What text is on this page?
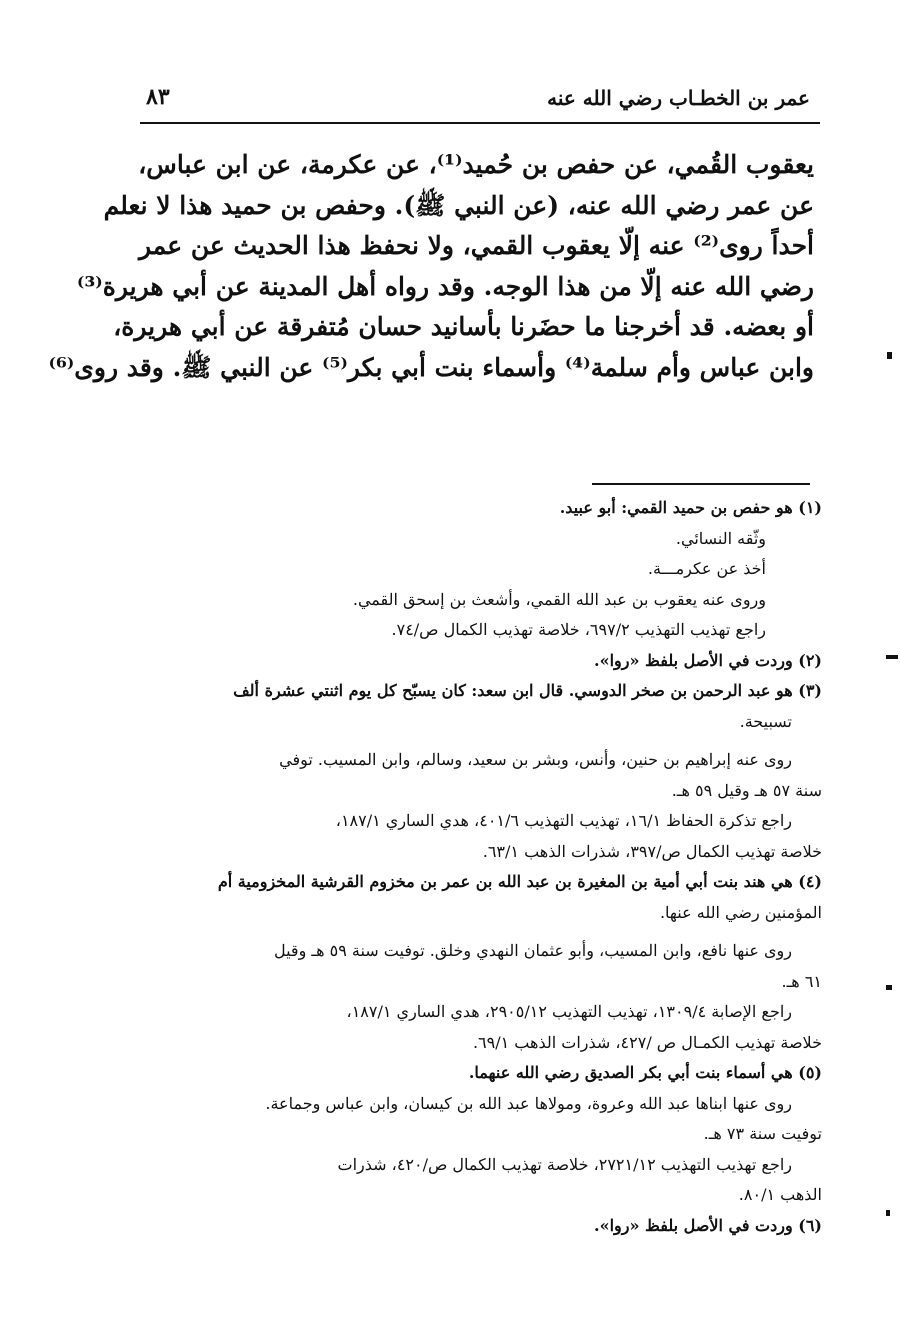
عمر بن الخطـاب رضي الله عنه
٨٣
يعقوب القُمي، عن حفص بن حُميد⁽¹⁾، عن عكرمة، عن ابن عباس،
عن عمر رضي الله عنه، (عن النبي ﷺ). وحفص بن حميد هذا لا نعلم
أحداً روى⁽²⁾ عنه إلّا يعقوب القمي، ولا نحفظ هذا الحديث عن عمر
رضي الله عنه إلّا من هذا الوجه. وقد رواه أهل المدينة عن أبي هريرة⁽³⁾
أو بعضه. قد أخرجنا ما حضَرنا بأسانيد حسان مُتفرقة عن أبي هريرة،
وابن عباس وأم سلمة⁽⁴⁾ وأسماء بنت أبي بكر⁽⁵⁾ عن النبي ﷺ. وقد روى⁽⁶⁾

(١) هو حفص بن حميد القمي: أبو عبيد.

وثّقه النسائي.

أخذ عن عكرمـــة.

وروى عنه يعقوب بن عبد الله القمي، وأشعث بن إسحق القمي.

راجع تهذيب التهذيب ٦٩٧/٢، خلاصة تهذيب الكمال ص/٧٤.

(٢) وردت في الأصل بلفظ «روا».

(٣) هو عبد الرحمن بن صخر الدوسي. قال ابن سعد: كان يسبّح كل يوم اثنتي عشرة ألف

تسبيحة.

روى عنه إبراهيم بن حنين، وأنس، وبشر بن سعيد، وسالم، وابن المسيب. توفي

سنة ٥٧ هـ وقيل ٥٩ هـ.

راجع تذكرة الحفاظ ١٦/١، تهذيب التهذيب ٤٠١/٦، هدي الساري ١٨٧/١،

خلاصة تهذيب الكمال ص/٣٩٧، شذرات الذهب ٦٣/١.

(٤) هي هند بنت أبي أمية بن المغيرة بن عبد الله بن عمر بن مخزوم القرشية المخزومية أم

المؤمنين رضي الله عنها.

روى عنها نافع، وابن المسيب، وأبو عثمان النهدي وخلق. توفيت سنة ٥٩ هـ وقيل

٦١ هـ.

راجع الإصابة ١٣٠٩/٤، تهذيب التهذيب ٢٩٠٥/١٢، هدي الساري ١٨٧/١،

خلاصة تهذيب الكمـال ص /٤٢٧، شذرات الذهب ٦٩/١.

(٥) هي أسماء بنت أبي بكر الصديق رضي الله عنهما.

روى عنها ابناها عبد الله وعروة، ومولاها عبد الله بن كيسان، وابن عباس وجماعة.

توفيت سنة ٧٣ هـ.

راجع تهذيب التهذيب ٢٧٢١/١٢، خلاصة تهذيب الكمال ص/٤٢٠، شذرات

الذهب ٨٠/١.

(٦) وردت في الأصل بلفظ «روا».
